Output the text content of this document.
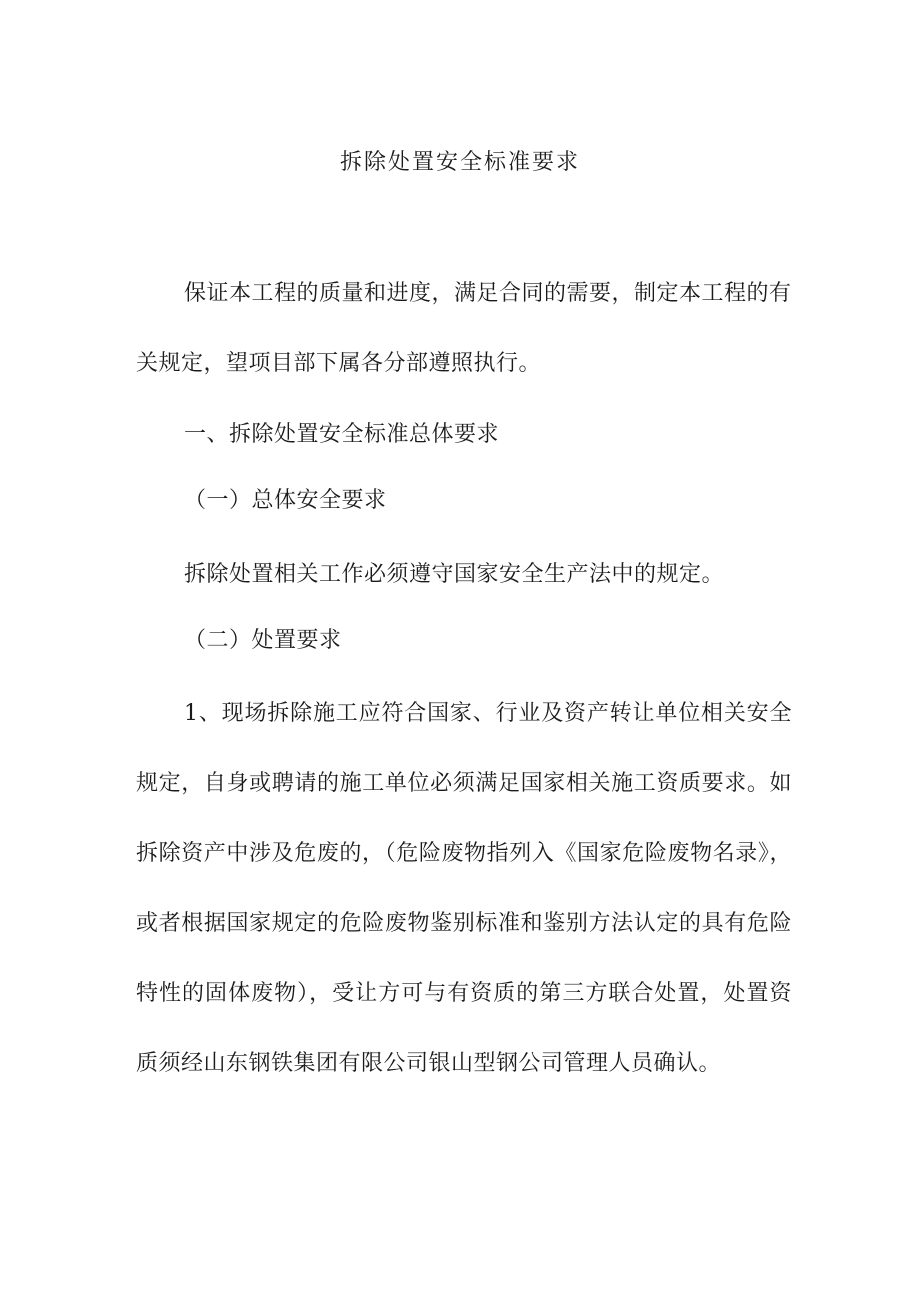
拆除处置安全标准要求

保证本工程的质量和进度，满足合同的需要，制定本工程的有关规定，望项目部下属各分部遵照执行。

一、拆除处置安全标准总体要求

（一）总体安全要求

拆除处置相关工作必须遵守国家安全生产法中的规定。

（二）处置要求

1、现场拆除施工应符合国家、行业及资产转让单位相关安全规定，自身或聘请的施工单位必须满足国家相关施工资质要求。如拆除资产中涉及危废的，（危险废物指列入《国家危险废物名录》，或者根据国家规定的危险废物鉴别标准和鉴别方法认定的具有危险特性的固体废物），受让方可与有资质的第三方联合处置，处置资质须经山东钢铁集团有限公司银山型钢公司管理人员确认。
